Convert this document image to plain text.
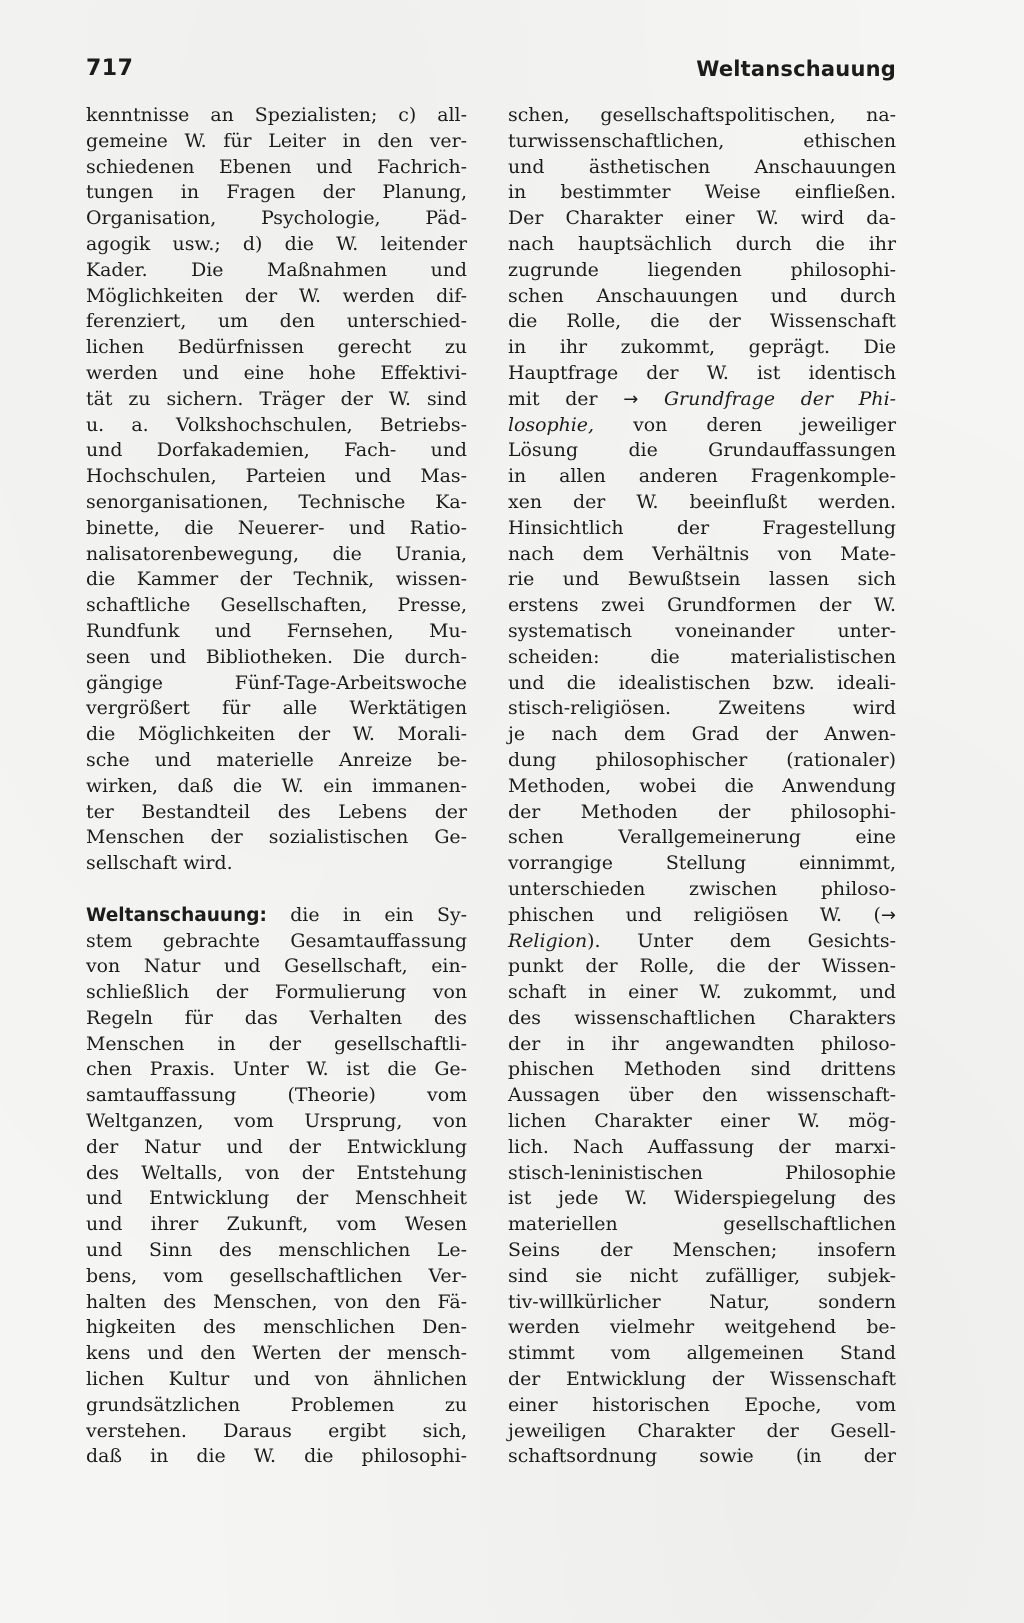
717	Weltanschauung
kenntnisse an Spezialisten; c) all-
gemeine W. für Leiter in den ver-
schiedenen Ebenen und Fachrich-
tungen in Fragen der Planung,
Organisation, Psychologie, Päd-
agogik usw.; d) die W. leitender
Kader. Die Maßnahmen und
Möglichkeiten der W. werden dif-
ferenziert, um den unterschied-
lichen Bedürfnissen gerecht zu
werden und eine hohe Effektivi-
tät zu sichern. Träger der W. sind
u. a. Volkshochschulen, Betriebs-
und Dorfakademien, Fach- und
Hochschulen, Parteien und Mas-
senorganisationen, Technische Ka-
binette, die Neuerer- und Ratio-
nalisatorenbewegung, die Urania,
die Kammer der Technik, wissen-
schaftliche Gesellschaften, Presse,
Rundfunk und Fernsehen, Mu-
seen und Bibliotheken. Die durch-
gängige Fünf-Tage-Arbeitswoche
vergrößert für alle Werktätigen
die Möglichkeiten der W. Morali-
sche und materielle Anreize be-
wirken, daß die W. ein immanen-
ter Bestandteil des Lebens der
Menschen der sozialistischen Ge-
sellschaft wird.
Weltanschauung: die in ein Sy-
stem gebrachte Gesamtauffassung
von Natur und Gesellschaft, ein-
schließlich der Formulierung von
Regeln für das Verhalten des
Menschen in der gesellschaftli-
chen Praxis. Unter W. ist die Ge-
samtauffassung (Theorie) vom
Weltganzen, vom Ursprung, von
der Natur und der Entwicklung
des Weltalls, von der Entstehung
und Entwicklung der Menschheit
und ihrer Zukunft, vom Wesen
und Sinn des menschlichen Le-
bens, vom gesellschaftlichen Ver-
halten des Menschen, von den Fä-
higkeiten des menschlichen Den-
kens und den Werten der mensch-
lichen Kultur und von ähnlichen
grundsätzlichen Problemen zu
verstehen. Daraus ergibt sich,
daß in die W. die philosophi-
schen, gesellschaftspolitischen, na-
turwissenschaftlichen, ethischen
und ästhetischen Anschauungen
in bestimmter Weise einfließen.
Der Charakter einer W. wird da-
nach hauptsächlich durch die ihr
zugrunde liegenden philosophi-
schen Anschauungen und durch
die Rolle, die der Wissenschaft
in ihr zukommt, geprägt. Die
Hauptfrage der W. ist identisch
mit der → Grundfrage der Phi-
losophie, von deren jeweiliger
Lösung die Grundauffassungen
in allen anderen Fragenkomple-
xen der W. beeinflußt werden.
Hinsichtlich der Fragestellung
nach dem Verhältnis von Mate-
rie und Bewußtsein lassen sich
erstens zwei Grundformen der W.
systematisch voneinander unter-
scheiden: die materialistischen
und die idealistischen bzw. ideali-
stisch-religiösen. Zweitens wird
je nach dem Grad der Anwen-
dung philosophischer (rationaler)
Methoden, wobei die Anwendung
der Methoden der philosophi-
schen Verallgemeinerung eine
vorrangige Stellung einnimmt,
unterschieden zwischen philoso-
phischen und religiösen W. (→
Religion). Unter dem Gesichts-
punkt der Rolle, die der Wissen-
schaft in einer W. zukommt, und
des wissenschaftlichen Charakters
der in ihr angewandten philoso-
phischen Methoden sind drittens
Aussagen über den wissenschaft-
lichen Charakter einer W. mög-
lich. Nach Auffassung der marxi-
stisch-leninistischen Philosophie
ist jede W. Widerspiegelung des
materiellen gesellschaftlichen
Seins der Menschen; insofern
sind sie nicht zufälliger, subjek-
tiv-willkürlicher Natur, sondern
werden vielmehr weitgehend be-
stimmt vom allgemeinen Stand
der Entwicklung der Wissenschaft
einer historischen Epoche, vom
jeweiligen Charakter der Gesell-
schaftsordnung sowie (in der
